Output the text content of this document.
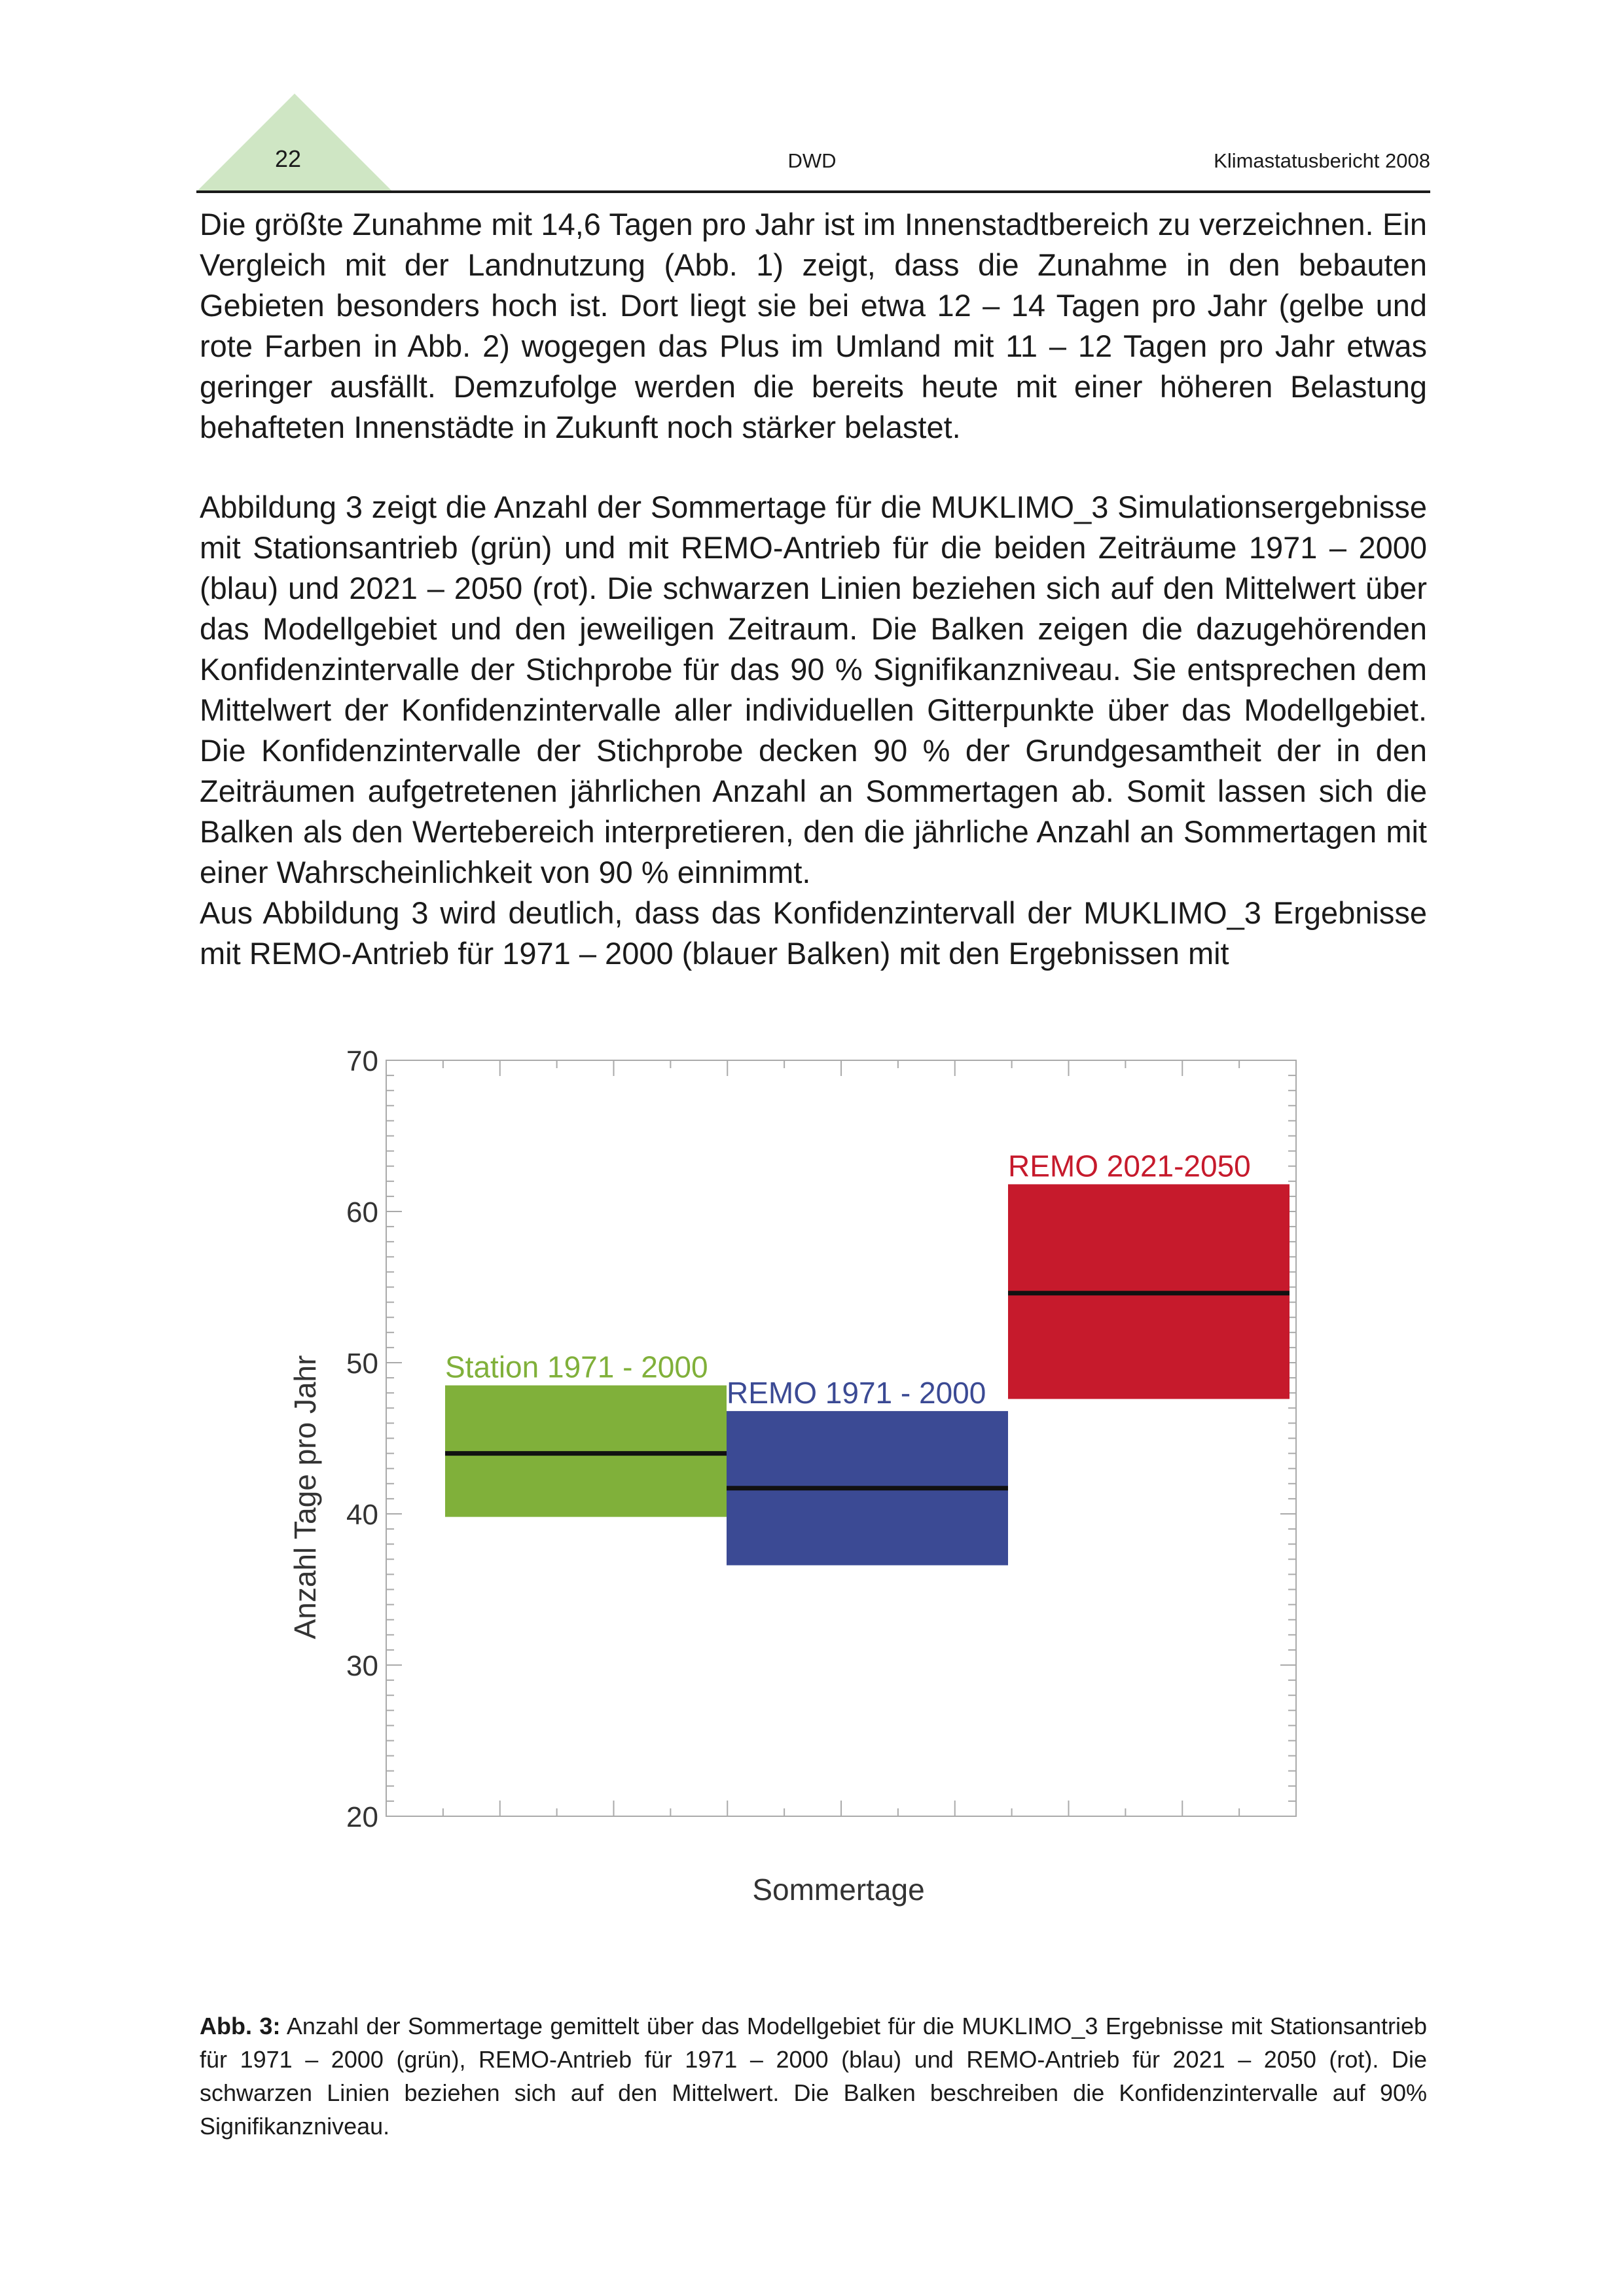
22	DWD	Klimastatusbericht 2008

Die größte Zunahme mit 14,6 Tagen pro Jahr ist im Innenstadtbereich zu verzeichnen. Ein Vergleich mit der Landnutzung (Abb. 1) zeigt, dass die Zunahme in den bebauten Gebieten besonders hoch ist. Dort liegt sie bei etwa 12 – 14 Tagen pro Jahr (gelbe und rote Farben in Abb. 2) wogegen das Plus im Umland mit 11 – 12 Tagen pro Jahr etwas geringer ausfällt. Demzufolge werden die bereits heute mit einer höheren Belastung behafteten Innenstädte in Zukunft noch stärker belastet.

Abbildung 3 zeigt die Anzahl der Sommertage für die MUKLIMO_3 Simulationsergebnisse mit Stationsantrieb (grün) und mit REMO-Antrieb für die beiden Zeiträume 1971 – 2000 (blau) und 2021 – 2050 (rot). Die schwarzen Linien beziehen sich auf den Mittelwert über das Modellgebiet und den jeweiligen Zeitraum. Die Balken zeigen die dazugehörenden Konfidenzintervalle der Stichprobe für das 90 % Signifikanzniveau. Sie entsprechen dem Mittelwert der Konfidenzintervalle aller individuellen Gitterpunkte über das Modellgebiet. Die Konfidenzintervalle der Stichprobe decken 90 % der Grundgesamtheit der in den Zeiträumen aufgetretenen jährlichen Anzahl an Sommertagen ab. Somit lassen sich die Balken als den Wertebereich interpretieren, den die jährliche Anzahl an Sommertagen mit einer Wahrscheinlichkeit von 90 % einnimmt.

Aus Abbildung 3 wird deutlich, dass das Konfidenzintervall der MUKLIMO_3 Ergebnisse mit REMO-Antrieb für 1971 – 2000 (blauer Balken) mit den Ergebnissen mit

20
30
40
50
60
70
Station 1971 - 2000
REMO 1971 - 2000
REMO 2021-2050
Anzahl Tage pro Jahr
Sommertage
Abb. 3: Anzahl der Sommertage gemittelt über das Modellgebiet für die MUKLIMO_3 Ergebnisse mit Stationsantrieb für 1971 – 2000 (grün), REMO-Antrieb für 1971 – 2000 (blau) und REMO-Antrieb für 2021 – 2050 (rot). Die schwarzen Linien beziehen sich auf den Mittelwert. Die Balken beschreiben die Konfidenzintervalle auf 90% Signifikanzniveau.
